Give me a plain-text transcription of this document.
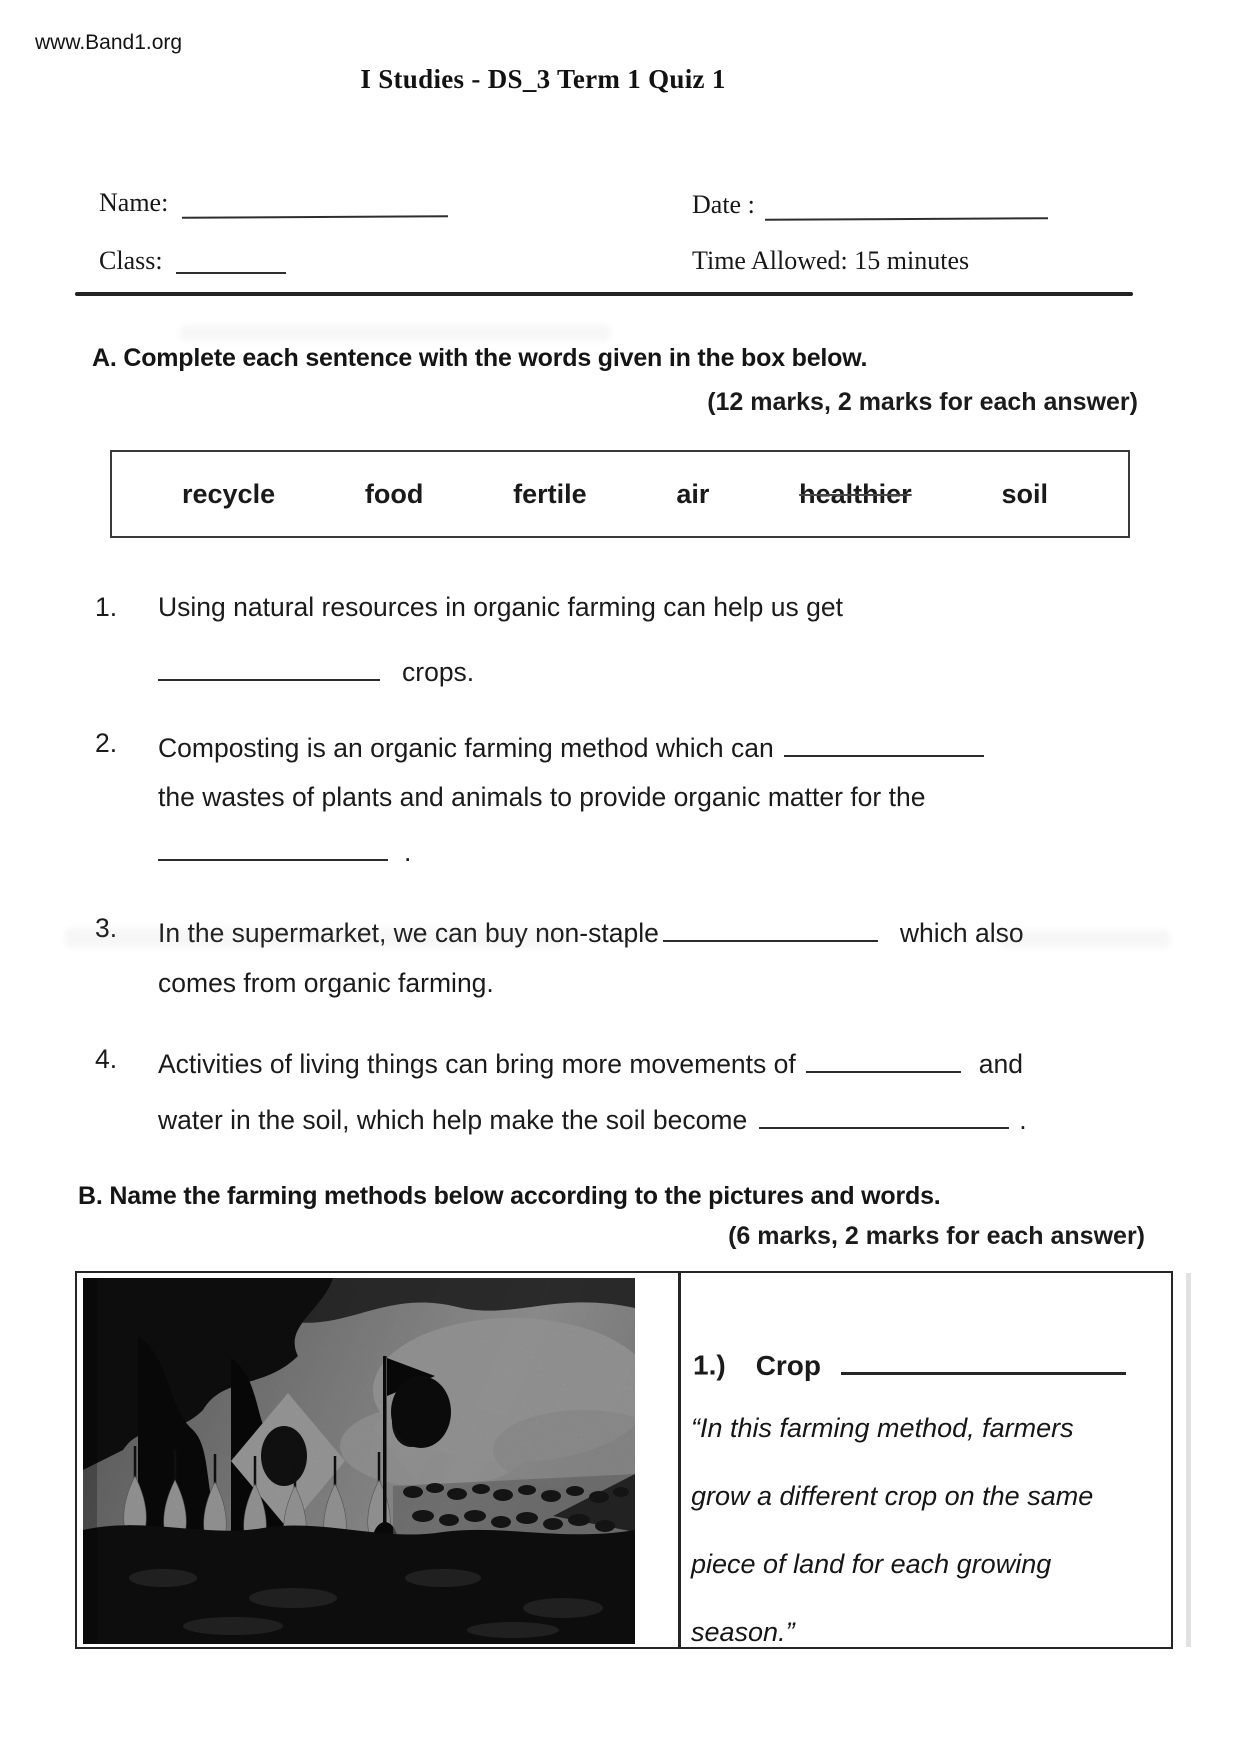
www.Band1.org
I Studies - DS_3 Term 1 Quiz 1
Name:	Date :
Class:	Time Allowed: 15 minutes
A. Complete each sentence with the words given in the box below.
(12 marks, 2 marks for each answer)
recycle	food	fertile	air	healthier	soil
1. Using natural resources in organic farming can help us get
crops.
2. Composting is an organic farming method which can
the wastes of plants and animals to provide organic matter for the
.
3. In the supermarket, we can buy non-staple	which also
comes from organic farming.
4. Activities of living things can bring more movements of	and
water in the soil, which help make the soil become	.
B. Name the farming methods below according to the pictures and words.
(6 marks, 2 marks for each answer)
1.) Crop
“In this farming method, farmers
grow a different crop on the same
piece of land for each growing
season.”
